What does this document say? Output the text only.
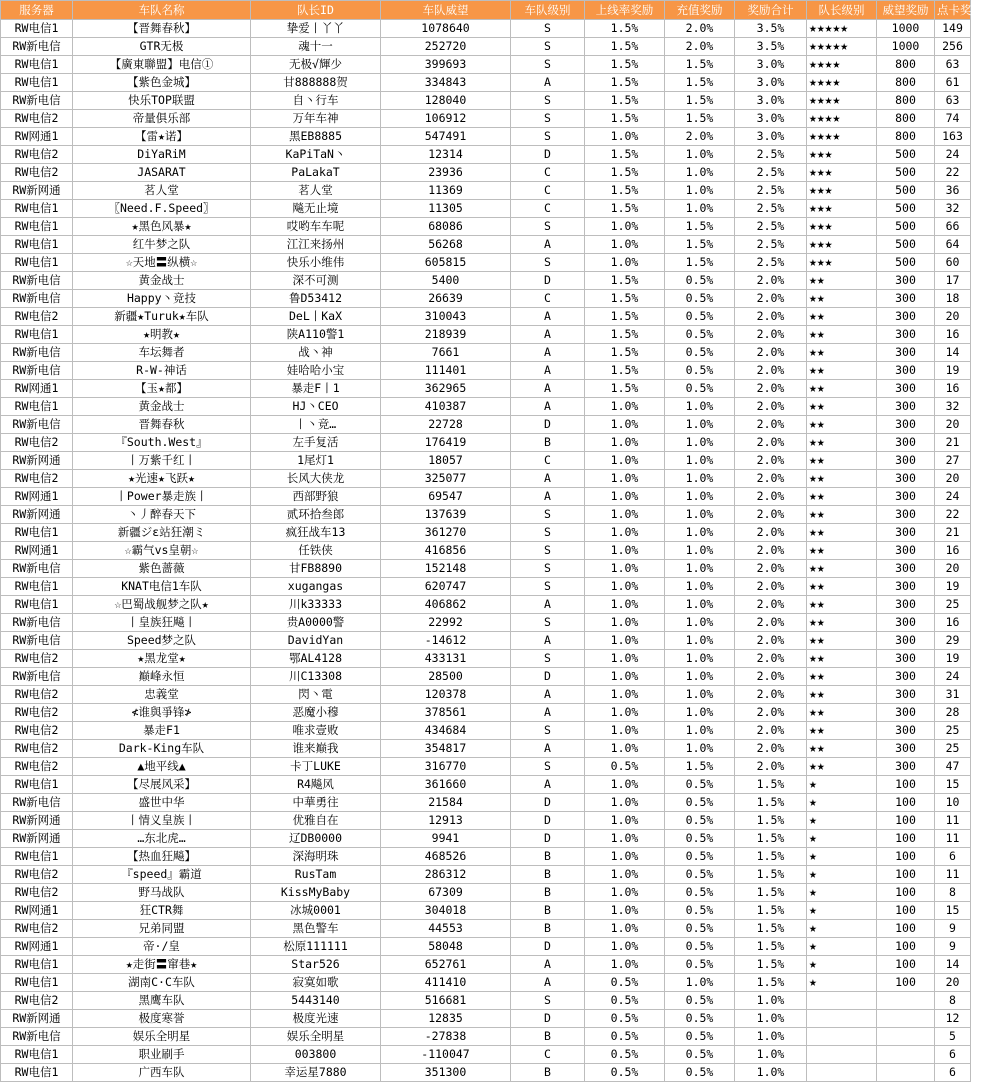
服务器	车队名称	队长ID	车队威望	车队级别	上线率奖励	充值奖励	奖励合计	队长级别	威望奖励	点卡奖励
RW电信1	【晋舞春秋】	挚爱丨丫丫	1078640	S	1.5%	2.0%	3.5%	★★★★★	1000	149
RW新电信	GTR无极	魂十一	252720	S	1.5%	2.0%	3.5%	★★★★★	1000	256
RW电信1	【廣東聯盟】电信①	无极√輝少	399693	S	1.5%	1.5%	3.0%	★★★★	800	63
RW电信1	【紫色金城】	甘888888贺	334843	A	1.5%	1.5%	3.0%	★★★★	800	61
RW新电信	快乐TOP联盟	自丶行车	128040	S	1.5%	1.5%	3.0%	★★★★	800	63
RW电信2	帝量俱乐部	万年车神	106912	S	1.5%	1.5%	3.0%	★★★★	800	74
RW网通1	【雷★诺】	黑EB8885	547491	S	1.0%	2.0%	3.0%	★★★★	800	163
RW电信2	DiYaRiM	KaPiTaN丶	12314	D	1.5%	1.0%	2.5%	★★★	500	24
RW电信2	JASARAT	PaLakaT	23936	C	1.5%	1.0%	2.5%	★★★	500	22
RW新网通	茗人堂	茗人堂	11369	C	1.5%	1.0%	2.5%	★★★	500	36
RW电信1	〖Need.F.Speed〗	飚无止境	11305	C	1.5%	1.0%	2.5%	★★★	500	32
RW电信1	★黑色风暴★	哎哟车车呢	68086	S	1.0%	1.5%	2.5%	★★★	500	66
RW电信1	红牛梦之队	江江来扬州	56268	A	1.0%	1.5%	2.5%	★★★	500	64
RW电信1	☆天地〓纵横☆	快乐小维伟	605815	S	1.0%	1.5%	2.5%	★★★	500	60
RW新电信	黄金战士	深不可测	5400	D	1.5%	0.5%	2.0%	★★	300	17
RW新电信	Happy丶竞技	鲁D53412	26639	C	1.5%	0.5%	2.0%	★★	300	18
RW电信2	新疆★Turuk★车队	DeL丨KaX	310043	A	1.5%	0.5%	2.0%	★★	300	20
RW电信1	★明教★	陕A110警1	218939	A	1.5%	0.5%	2.0%	★★	300	16
RW新电信	车坛舞者	战丶神	7661	A	1.5%	0.5%	2.0%	★★	300	14
RW新电信	R-W-神话	娃哈哈小宝	111401	A	1.5%	0.5%	2.0%	★★	300	19
RW网通1	【玉★都】	暴走F丨1	362965	A	1.5%	0.5%	2.0%	★★	300	16
RW电信1	黄金战士	HJ丶CEO	410387	A	1.0%	1.0%	2.0%	★★	300	32
RW新电信	晋舞春秋	丨丶竞…	22728	D	1.0%	1.0%	2.0%	★★	300	20
RW电信2	『South.West』	左手复活	176419	B	1.0%	1.0%	2.0%	★★	300	21
RW新网通	丨万紫千红丨	1尾灯1	18057	C	1.0%	1.0%	2.0%	★★	300	27
RW电信2	★光速★飞跃★	长风大侠龙	325077	A	1.0%	1.0%	2.0%	★★	300	20
RW网通1	丨Power暴走族丨	西部野狼	69547	A	1.0%	1.0%	2.0%	★★	300	24
RW新网通	丶丿醉春天下	贰环拾叁郎	137639	S	1.0%	1.0%	2.0%	★★	300	22
RW电信1	新疆ジε站狂潮ミ	疯狂战车13	361270	S	1.0%	1.0%	2.0%	★★	300	21
RW网通1	☆霸气vs皇朝☆	任铁侠	416856	S	1.0%	1.0%	2.0%	★★	300	16
RW新电信	紫色蔷薇	甘FB8890	152148	S	1.0%	1.0%	2.0%	★★	300	20
RW电信1	KNAT电信1车队	xugangas	620747	S	1.0%	1.0%	2.0%	★★	300	19
RW电信1	☆巴蜀战舰梦之队★	川k33333	406862	A	1.0%	1.0%	2.0%	★★	300	25
RW新电信	丨皇族狂飚丨	贵A0000警	22992	S	1.0%	1.0%	2.0%	★★	300	16
RW新电信	Speed梦之队	DavidYan	-14612	A	1.0%	1.0%	2.0%	★★	300	29
RW电信2	★黑龙堂★	鄂AL4128	433131	S	1.0%	1.0%	2.0%	★★	300	19
RW新电信	巅峰永恒	川C13308	28500	D	1.0%	1.0%	2.0%	★★	300	24
RW电信2	忠義堂	閃丶電	120378	A	1.0%	1.0%	2.0%	★★	300	31
RW电信2	≮谁與爭锋≯	恶魔小穆	378561	A	1.0%	1.0%	2.0%	★★	300	28
RW电信2	暴走F1	唯求壹败	434684	S	1.0%	1.0%	2.0%	★★	300	25
RW电信2	Dark-King车队	谁来巅我	354817	A	1.0%	1.0%	2.0%	★★	300	25
RW电信2	▲地平线▲	卡丁LUKE	316770	S	0.5%	1.5%	2.0%	★★	300	47
RW电信1	【尽展风采】	R4飚风	361660	A	1.0%	0.5%	1.5%	★	100	15
RW新电信	盛世中华	中華勇往	21584	D	1.0%	0.5%	1.5%	★	100	10
RW新网通	丨情义皇族丨	优雅自在	12913	D	1.0%	0.5%	1.5%	★	100	11
RW新网通	…东北虎…	辽DB0000	9941	D	1.0%	0.5%	1.5%	★	100	11
RW电信1	【热血狂飚】	深海明珠	468526	B	1.0%	0.5%	1.5%	★	100	6
RW电信2	『speed』霸道	RusTam	286312	B	1.0%	0.5%	1.5%	★	100	11
RW电信2	野马战队	KissMyBaby	67309	B	1.0%	0.5%	1.5%	★	100	8
RW网通1	狂CTR舞	冰城0001	304018	B	1.0%	0.5%	1.5%	★	100	15
RW电信2	兄弟同盟	黑色警车	44553	B	1.0%	0.5%	1.5%	★	100	9
RW网通1	帝·/皇	松原111111	58048	D	1.0%	0.5%	1.5%	★	100	9
RW电信1	★走街〓窜巷★	Star526	652761	A	1.0%	0.5%	1.5%	★	100	14
RW电信1	湖南C·C车队	寂寞如歌	411410	A	0.5%	1.0%	1.5%	★	100	20
RW电信2	黑鹰车队	5443140	516681	S	0.5%	0.5%	1.0%			8
RW新网通	极度寒誉	极度光速	12835	D	0.5%	0.5%	1.0%			12
RW新电信	娱乐全明星	娱乐全明星	-27838	B	0.5%	0.5%	1.0%			5
RW电信1	职业刷手	003800	-110047	C	0.5%	0.5%	1.0%			6
RW电信1	广西车队	幸运星7880	351300	B	0.5%	0.5%	1.0%			6
